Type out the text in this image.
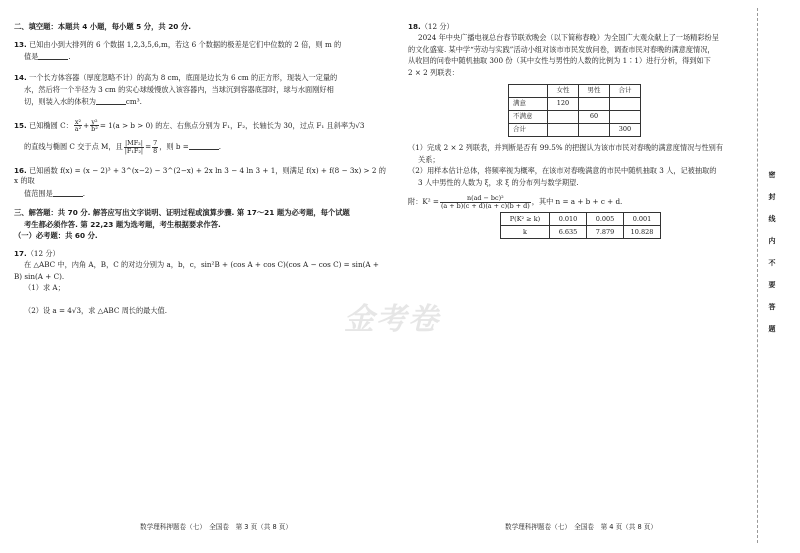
二、填空题：本题共 4 小题，每小题 5 分，共 20 分.

13. 已知由小到大排列的 6 个数据 1,2,3,5,6,m，若这 6 个数据的极差是它们中位数的 2 倍，则 m 的

值是	.

14. 一个长方体容器（厚度忽略不计）的高为 8 cm，底面是边长为 6 cm 的正方形，现装入一定量的

水，然后将一个半径为 3 cm 的实心球缓慢放入该容器内，当球沉到容器底部时，球与水面刚好相

切，则装入水的体积为	cm³.

15. 已知椭圆 C： $\frac{\text{x²}}{\text{a²}} + \frac{\text{y²}}{\text{b²}} = 1(a > b > 0)$ 的左、右焦点分别为 F₁，F₂，长轴长为 30，过点 F₁ 且斜率为√3

的直线与椭圆 C 交于点 M，且 $\frac{\text{|MF₂|}}{\text{|F₁F₂|}} = \frac{7}{8}$ ，则 b =	.

16. 已知函数 f(x) = (x − 2)³ + 3^(x−2) − 3^(2−x) + 2x ln 3 − 4 ln 3 + 1，则满足 f(x) + f(8 − 3x) > 2 的 x 的取

值范围是	.

三、解答题：共 70 分. 解答应写出文字说明、证明过程或演算步骤. 第 17～21 题为必考题，每个试题

考生都必须作答. 第 22,23 题为选考题，考生根据要求作答.

（一）必考题：共 60 分.

17.（12 分）

在 △ABC 中，内角 A，B，C 的对边分别为 a，b，c，sin²B + (cos A + cos C)(cos A − cos C) = sin(A +

B) sin(A + C).

（1）求 A；

（2）设 a = 4√3，求 △ABC 周长的最大值.

18.（12 分）

2024 年中央广播电视总台春节联欢晚会（以下简称春晚）为全国广大观众献上了一场精彩纷呈

的文化盛宴. 某中学“劳动与实践”活动小组对该市市民发放问卷，调查市民对春晚的满意度情况，

从收回的问卷中随机抽取 300 份（其中女性与男性的人数的比例为 1∶1）进行分析，得到如下

2 × 2 列联表：

	女性	男性	合计
满意	120		
不满意		60	
合计			300

（1）完成 2 × 2 列联表，并判断是否有 99.5% 的把握认为该市市民对春晚的满意度情况与性别有

关系；

（2）用样本估计总体，将频率视为概率，在该市对春晚满意的市民中随机抽取 3 人，记被抽取的

3 人中男性的人数为 ξ，求 ξ 的分布列与数学期望.

附：$K^2 = \frac{\text{n(ad − bc)²}}{(a + b)(c + d)(a + c)(b + d)}$ ，其中 n = a + b + c + d.

P(K² ≥ k)	0.010	0.005	0.001
k	6.635	7.879	10.828
金考卷
密
封
线
内
不
要
答
题
数学理科押题卷（七）　全国卷　第 3 页（共 8 页）	数学理科押题卷（七）　全国卷　第 4 页（共 8 页）
